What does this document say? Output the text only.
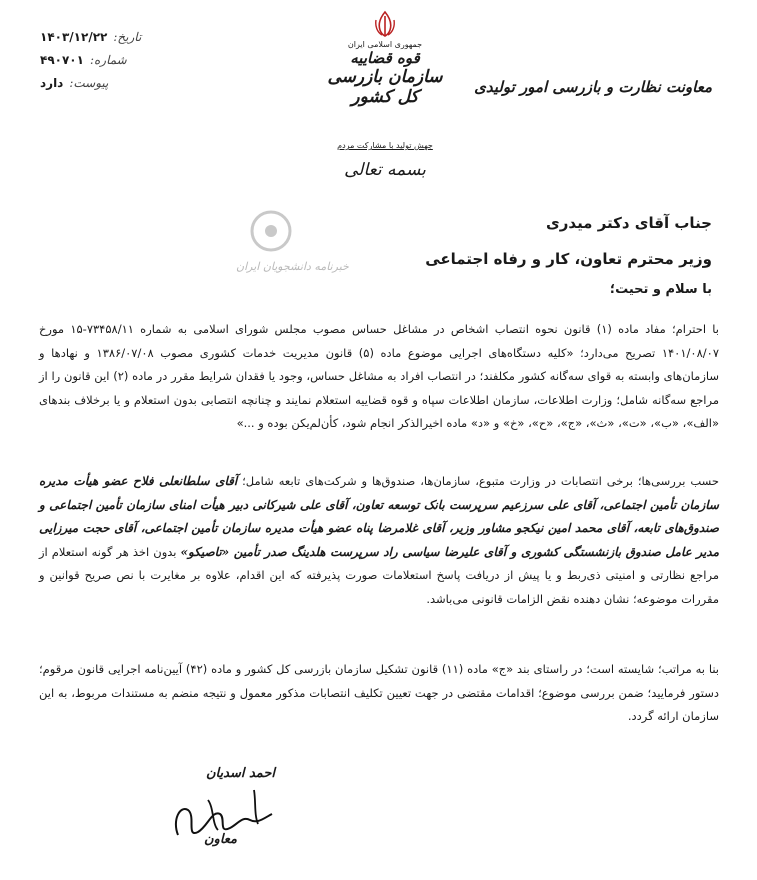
تاریخ:
۱۴۰۳/۱۲/۲۲
شماره:
۴۹۰۷۰۱
پیوست:
دارد
جمهوری اسلامی ایران
قوه قضاییه
سازمان بازرسی کل کشور
جهش تولید با مشارکت مردم
بسمه تعالی
معاونت نظارت و بازرسی امور تولیدی
جناب آقای دکتر میدری
وزیر محترم تعاون، کار و رفاه اجتماعی
خبرنامه دانشجویان ایران
با سلام و تحیت؛
با احترام؛ مفاد ماده (۱) قانون نحوه انتصاب اشخاص در مشاغل حساس مصوب مجلس شورای اسلامی به شماره ۷۳۴۵۸/۱۱-۱۵ مورخ ۱۴۰۱/۰۸/۰۷ تصریح می‌دارد؛ «کلیه دستگاه‌های اجرایی موضوع ماده (۵) قانون مدیریت خدمات کشوری مصوب ۱۳۸۶/۰۷/۰۸ و نهادها و سازمان‌های وابسته به قوای سه‌گانه کشور مکلفند؛ در انتصاب افراد به مشاغل حساس، وجود یا فقدان شرایط مقرر در ماده (۲) این قانون را از مراجع سه‌گانه شامل؛ وزارت اطلاعات، سازمان اطلاعات سپاه و قوه قضاییه استعلام نمایند و چنانچه انتصابی بدون استعلام و یا برخلاف بندهای «الف»، «ب»، «ت»، «ث»، «ج»، «ح»، «خ» و «د» ماده اخیرالذکر انجام شود، کأن‌لم‌یکن بوده و ...»
حسب بررسی‌ها؛ برخی انتصابات در وزارت متبوع، سازمان‌ها، صندوق‌ها و شرکت‌های تابعه شامل؛ آقای سلطانعلی فلاح عضو هیأت مدیره سازمان تأمین اجتماعی، آقای علی سرزعیم سرپرست بانک توسعه تعاون، آقای علی شیرکانی دبیر هیأت امنای سازمان تأمین اجتماعی و صندوق‌های تابعه، آقای محمد امین نیکجو مشاور وزیر، آقای غلامرضا پناه عضو هیأت مدیره سازمان تأمین اجتماعی، آقای حجت میرزایی مدیر عامل صندوق بازنشستگی کشوری و آقای علیرضا سیاسی راد سرپرست هلدینگ صدر تأمین «تاصیکو» بدون اخذ هر گونه استعلام از مراجع نظارتی و امنیتی ذی‌ربط و یا پیش از دریافت پاسخ استعلامات صورت پذیرفته که این اقدام، علاوه بر مغایرت با نص صریح قوانین و مقررات موضوعه؛ نشان دهنده نقض الزامات قانونی می‌باشد.
بنا به مراتب؛ شایسته است؛ در راستای بند «ج» ماده (۱۱) قانون تشکیل سازمان بازرسی کل کشور و ماده (۴۲) آیین‌نامه اجرایی قانون مرقوم؛ دستور فرمایید؛ ضمن بررسی موضوع؛ اقدامات مقتضی در جهت تعیین تکلیف انتصابات مذکور معمول و نتیجه منضم به مستندات مربوط، به این سازمان ارائه گردد.
احمد اسدیان
معاون
